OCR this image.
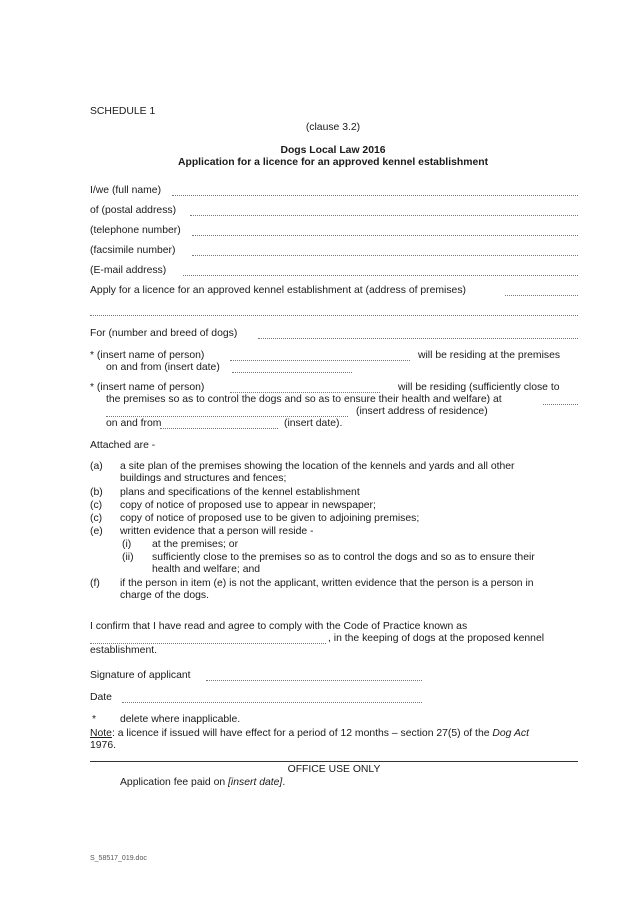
SCHEDULE 1
(clause 3.2)
Dogs Local Law 2016
Application for a licence for an approved kennel establishment
I/we (full name)
of (postal address)
(telephone number)
(facsimile number)
(E-mail address)
Apply for a licence for an approved kennel establishment at (address of premises)
For (number and breed of dogs)
* (insert name of person)	will be residing at the premises
on and from (insert date)
* (insert name of person)	will be residing (sufficiently close to
the premises so as to control the dogs and so as to ensure their health and welfare) at
(insert address of residence)
on and from	(insert date).
Attached are -
(a) a site plan of the premises showing the location of the kennels and yards and all other
buildings and structures and fences;
(b) plans and specifications of the kennel establishment
(c) copy of notice of proposed use to appear in newspaper;
(c) copy of notice of proposed use to be given to adjoining premises;
(e) written evidence that a person will reside -
(i) at the premises; or
(ii) sufficiently close to the premises so as to control the dogs and so as to ensure their
health and welfare; and
(f) if the person in item (e) is not the applicant, written evidence that the person is a person in
charge of the dogs.
I confirm that I have read and agree to comply with the Code of Practice known as
, in the keeping of dogs at the proposed kennel
establishment.
Signature of applicant
Date
* delete where inapplicable.
Note: a licence if issued will have effect for a period of 12 months – section 27(5) of the Dog Act
1976.
OFFICE USE ONLY
Application fee paid on [insert date].
S_58517_019.doc
